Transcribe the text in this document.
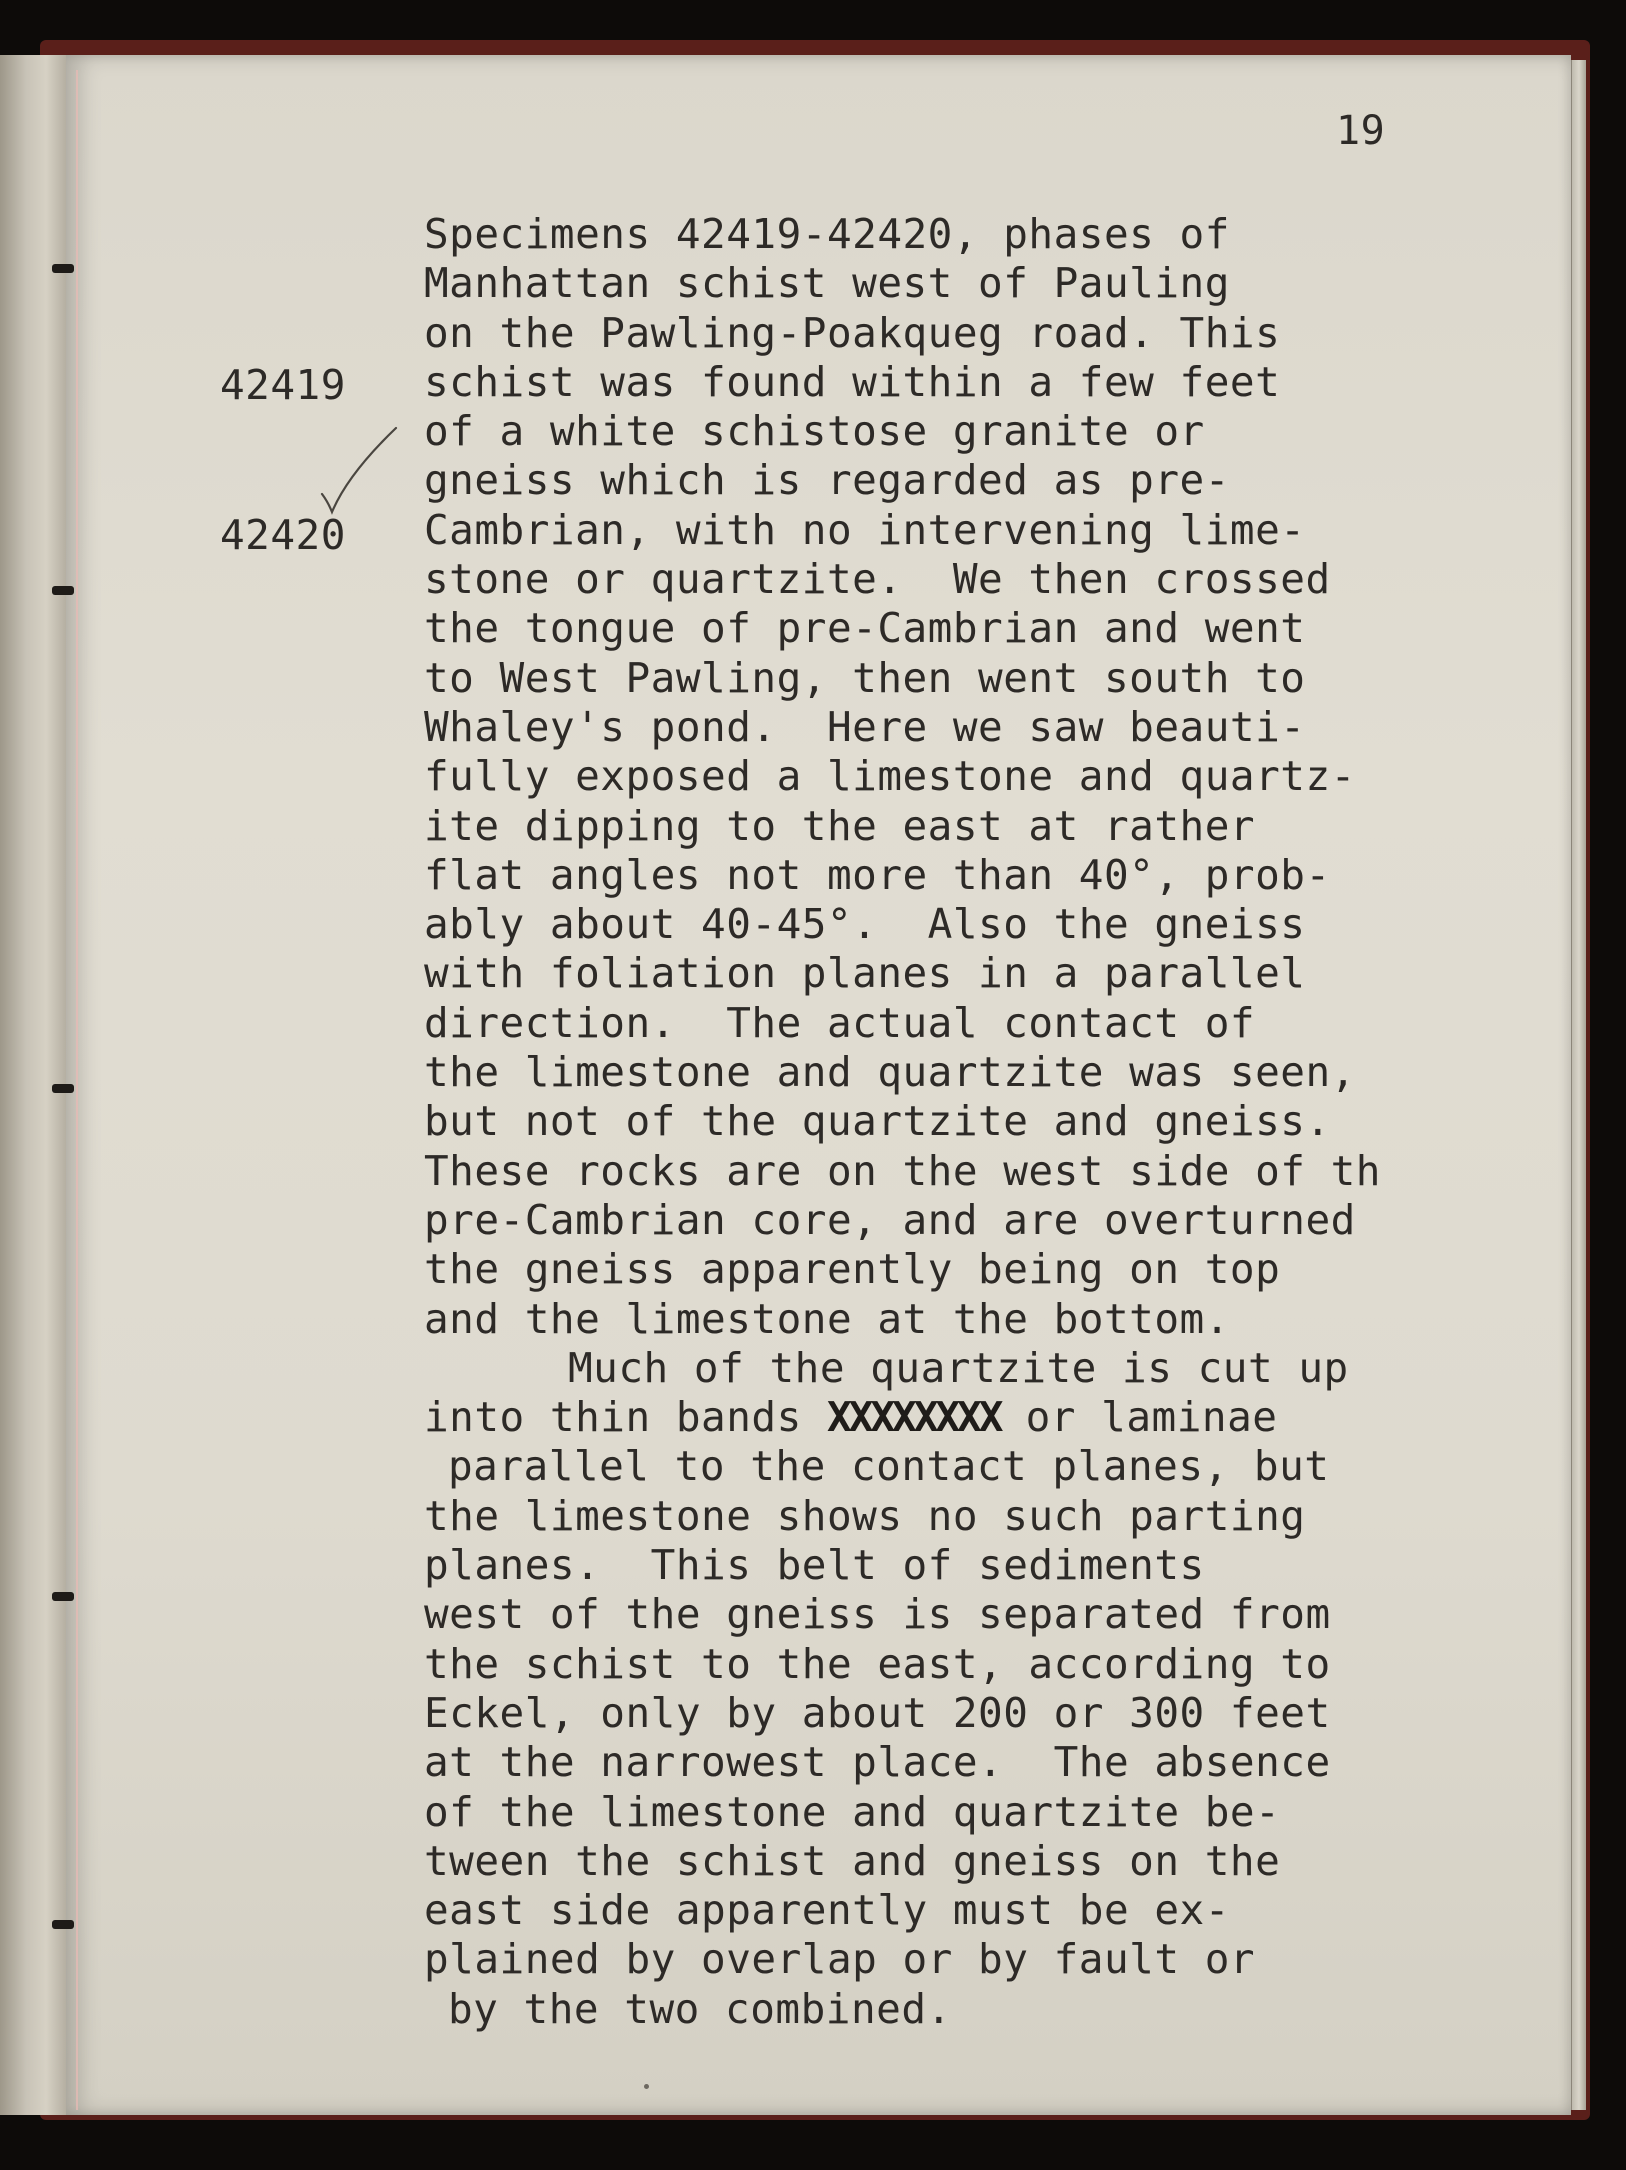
19

42419

42420

Specimens 42419-42420, phases of
Manhattan schist west of Pauling
on the Pawling-Poakqueg road. This
schist was found within a few feet
of a white schistose granite or
gneiss which is regarded as pre-
Cambrian, with no intervening lime-
stone or quartzite.  We then crossed
the tongue of pre-Cambrian and went
to West Pawling, then went south to
Whaley's pond.  Here we saw beauti-
fully exposed a limestone and quartz-
ite dipping to the east at rather
flat angles not more than 40°, prob-
ably about 40-45°.  Also the gneiss
with foliation planes in a parallel
direction.  The actual contact of
the limestone and quartzite was seen,
but not of the quartzite and gneiss.
These rocks are on the west side of th
pre-Cambrian core, and are overturned
the gneiss apparently being on top
and the limestone at the bottom.
Much of the quartzite is cut up
into thin bands XXXXXXXX or laminae
parallel to the contact planes, but
the limestone shows no such parting
planes.  This belt of sediments
west of the gneiss is separated from
the schist to the east, according to
Eckel, only by about 200 or 300 feet
at the narrowest place.  The absence
of the limestone and quartzite be-
tween the schist and gneiss on the
east side apparently must be ex-
plained by overlap or by fault or
by the two combined.
